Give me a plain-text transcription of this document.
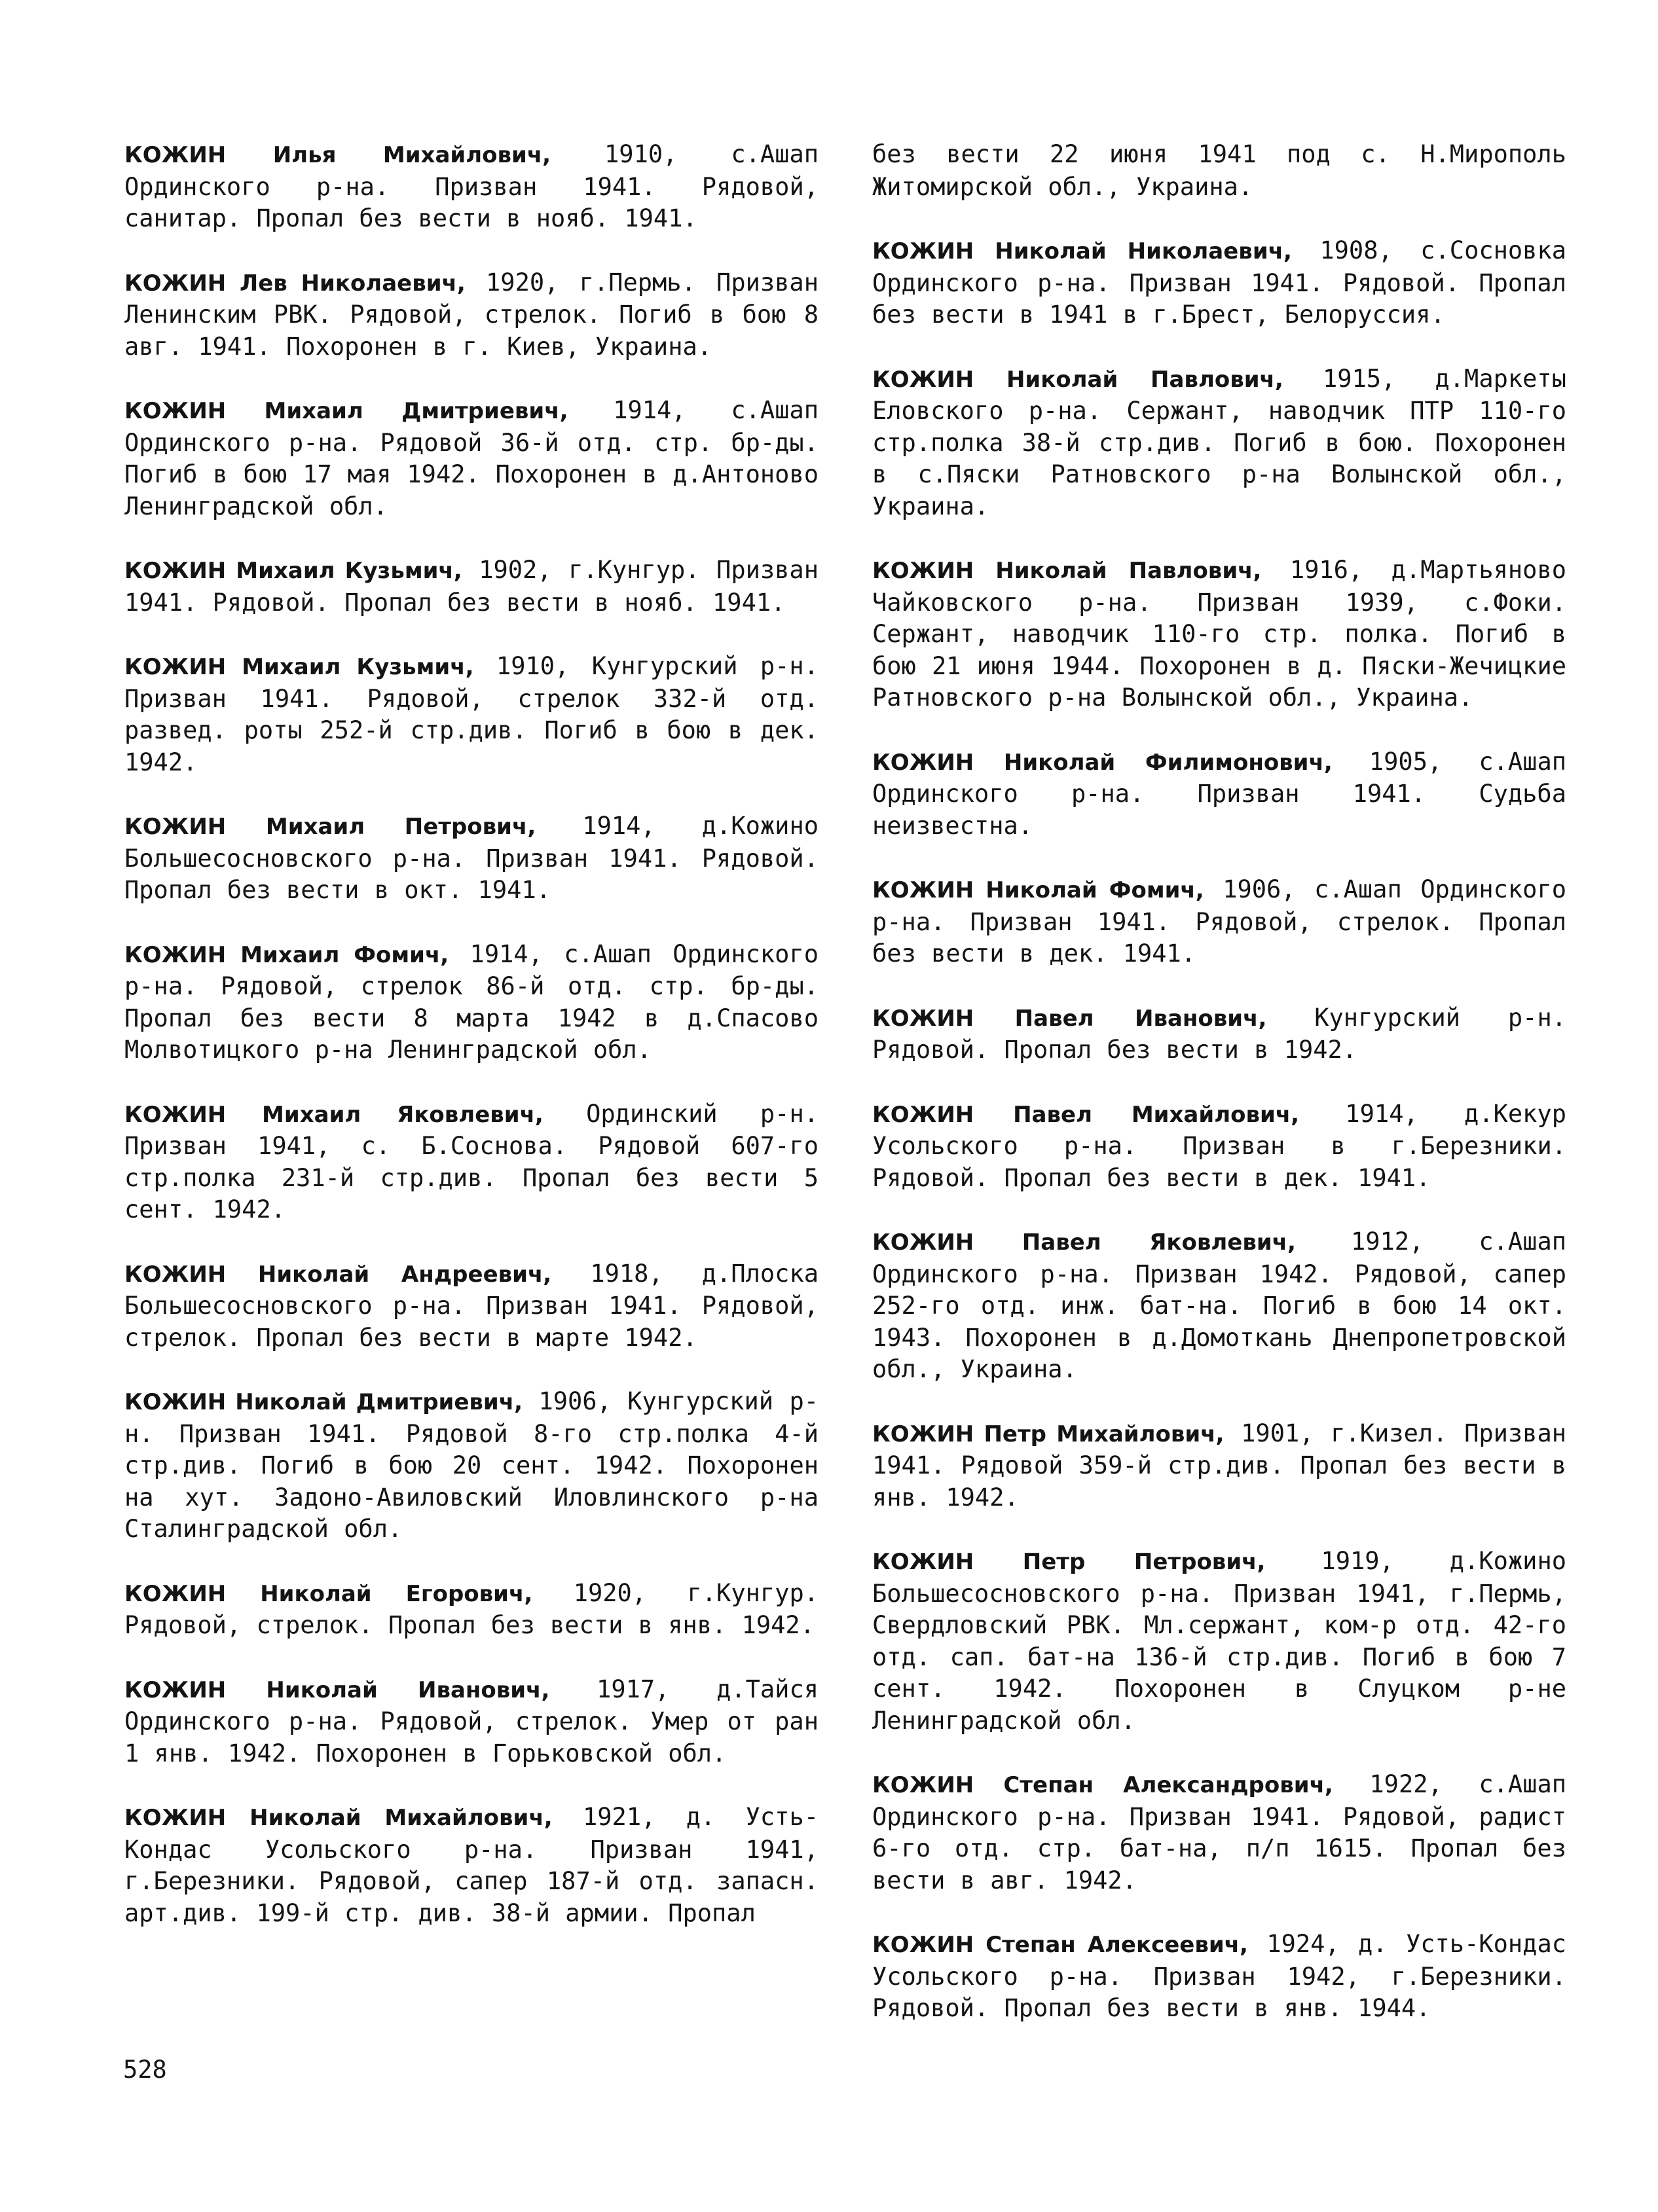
КОЖИН Илья Михайлович, 1910, с.Ашап Ординского р-на. Призван 1941. Рядовой, санитар. Пропал без вести в нояб. 1941.

КОЖИН Лев Николаевич, 1920, г.Пермь. Призван Ленинским РВК. Рядовой, стрелок. Погиб в бою 8 авг. 1941. Похоронен в г. Киев, Украина.

КОЖИН Михаил Дмитриевич, 1914, с.Ашап Ординского р-на. Рядовой 36-й отд. стр. бр-ды. Погиб в бою 17 мая 1942. Похоронен в д.Антоново Ленинградской обл.

КОЖИН Михаил Кузьмич, 1902, г.Кунгур. Призван 1941. Рядовой. Пропал без вести в нояб. 1941.

КОЖИН Михаил Кузьмич, 1910, Кунгурский р-н. Призван 1941. Рядовой, стрелок 332-й отд. развед. роты 252-й стр.див. Погиб в бою в дек. 1942.

КОЖИН Михаил Петрович, 1914, д.Кожино Большесосновского р-на. Призван 1941. Рядовой. Пропал без вести в окт. 1941.

КОЖИН Михаил Фомич, 1914, с.Ашап Ординского р-на. Рядовой, стрелок 86-й отд. стр. бр-ды. Пропал без вести 8 марта 1942 в д.Спасово Молвотицкого р-на Ленинградской обл.

КОЖИН Михаил Яковлевич, Ординский р-н. Призван 1941, с. Б.Соснова. Рядовой 607-го стр.полка 231-й стр.див. Пропал без вести 5 сент. 1942.

КОЖИН Николай Андреевич, 1918, д.Плоска Большесосновского р-на. Призван 1941. Рядовой, стрелок. Пропал без вести в марте 1942.

КОЖИН Николай Дмитриевич, 1906, Кунгурский р-н. Призван 1941. Рядовой 8-го стр.полка 4-й стр.див. Погиб в бою 20 сент. 1942. Похоронен на хут. Задоно-Авиловский Иловлинского р-на Сталинградской обл.

КОЖИН Николай Егорович, 1920, г.Кунгур. Рядовой, стрелок. Пропал без вести в янв. 1942.

КОЖИН Николай Иванович, 1917, д.Тайся Ординского р-на. Рядовой, стрелок. Умер от ран 1 янв. 1942. Похоронен в Горьковской обл.

КОЖИН Николай Михайлович, 1921, д. Усть-Кондас Усольского р-на. Призван 1941, г.Березники. Рядовой, сапер 187-й отд. запасн. арт.див. 199-й стр. див. 38-й армии. Пропал

без вести 22 июня 1941 под с. Н.Мирополь Житомирской обл., Украина.

КОЖИН Николай Николаевич, 1908, с.Сосновка Ординского р-на. Призван 1941. Рядовой. Пропал без вести в 1941 в г.Брест, Белоруссия.

КОЖИН Николай Павлович, 1915, д.Маркеты Еловского р-на. Сержант, наводчик ПТР 110-го стр.полка 38-й стр.див. Погиб в бою. Похоронен в с.Пяски Ратновского р-на Волынской обл., Украина.

КОЖИН Николай Павлович, 1916, д.Мартьяново Чайковского р-на. Призван 1939, с.Фоки. Сержант, наводчик 110-го стр. полка. Погиб в бою 21 июня 1944. Похоронен в д. Пяски-Жечицкие Ратновского р-на Волынской обл., Украина.

КОЖИН Николай Филимонович, 1905, с.Ашап Ординского р-на. Призван 1941. Судьба неизвестна.

КОЖИН Николай Фомич, 1906, с.Ашап Ординского р-на. Призван 1941. Рядовой, стрелок. Пропал без вести в дек. 1941.

КОЖИН Павел Иванович, Кунгурский р-н. Рядовой. Пропал без вести в 1942.

КОЖИН Павел Михайлович, 1914, д.Кекур Усольского р-на. Призван в г.Березники. Рядовой. Пропал без вести в дек. 1941.

КОЖИН Павел Яковлевич, 1912, с.Ашап Ординского р-на. Призван 1942. Рядовой, сапер 252-го отд. инж. бат-на. Погиб в бою 14 окт. 1943. Похоронен в д.Домоткань Днепропетровской обл., Украина.

КОЖИН Петр Михайлович, 1901, г.Кизел. Призван 1941. Рядовой 359-й стр.див. Пропал без вести в янв. 1942.

КОЖИН Петр Петрович, 1919, д.Кожино Большесосновского р-на. Призван 1941, г.Пермь, Свердловский РВК. Мл.сержант, ком-р отд. 42-го отд. сап. бат-на 136-й стр.див. Погиб в бою 7 сент. 1942. Похоронен в Слуцком р-не Ленинградской обл.

КОЖИН Степан Александрович, 1922, с.Ашап Ординского р-на. Призван 1941. Рядовой, радист 6-го отд. стр. бат-на, п/п 1615. Пропал без вести в авг. 1942.

КОЖИН Степан Алексеевич, 1924, д. Усть-Кондас Усольского р-на. Призван 1942, г.Березники. Рядовой. Пропал без вести в янв. 1944.

528
